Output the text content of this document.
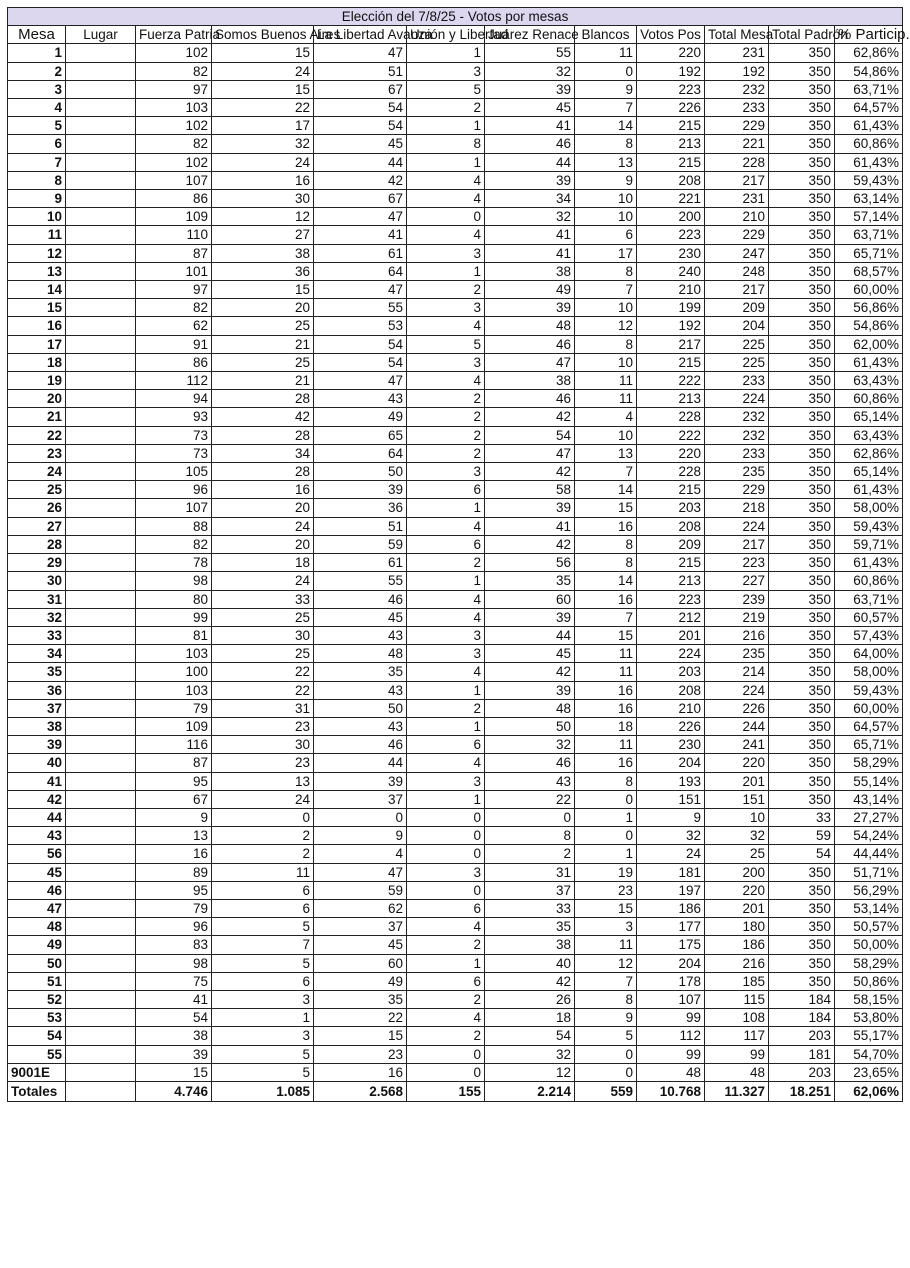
Elección del 7/8/25 - Votos por mesas											
Mesa	Lugar	Fuerza Patria	Somos Buenos Aires	La Libertad Avanza	Unión y Libertad	Juárez Renace	Blancos	Votos Pos	Total Mesa	Total Padrón	% Particip.
1		102	15	47	1	55	11	220	231	350	62,86%
2		82	24	51	3	32	0	192	192	350	54,86%
3		97	15	67	5	39	9	223	232	350	63,71%
4		103	22	54	2	45	7	226	233	350	64,57%
5		102	17	54	1	41	14	215	229	350	61,43%
6		82	32	45	8	46	8	213	221	350	60,86%
7		102	24	44	1	44	13	215	228	350	61,43%
8		107	16	42	4	39	9	208	217	350	59,43%
9		86	30	67	4	34	10	221	231	350	63,14%
10		109	12	47	0	32	10	200	210	350	57,14%
11		110	27	41	4	41	6	223	229	350	63,71%
12		87	38	61	3	41	17	230	247	350	65,71%
13		101	36	64	1	38	8	240	248	350	68,57%
14		97	15	47	2	49	7	210	217	350	60,00%
15		82	20	55	3	39	10	199	209	350	56,86%
16		62	25	53	4	48	12	192	204	350	54,86%
17		91	21	54	5	46	8	217	225	350	62,00%
18		86	25	54	3	47	10	215	225	350	61,43%
19		112	21	47	4	38	11	222	233	350	63,43%
20		94	28	43	2	46	11	213	224	350	60,86%
21		93	42	49	2	42	4	228	232	350	65,14%
22		73	28	65	2	54	10	222	232	350	63,43%
23		73	34	64	2	47	13	220	233	350	62,86%
24		105	28	50	3	42	7	228	235	350	65,14%
25		96	16	39	6	58	14	215	229	350	61,43%
26		107	20	36	1	39	15	203	218	350	58,00%
27		88	24	51	4	41	16	208	224	350	59,43%
28		82	20	59	6	42	8	209	217	350	59,71%
29		78	18	61	2	56	8	215	223	350	61,43%
30		98	24	55	1	35	14	213	227	350	60,86%
31		80	33	46	4	60	16	223	239	350	63,71%
32		99	25	45	4	39	7	212	219	350	60,57%
33		81	30	43	3	44	15	201	216	350	57,43%
34		103	25	48	3	45	11	224	235	350	64,00%
35		100	22	35	4	42	11	203	214	350	58,00%
36		103	22	43	1	39	16	208	224	350	59,43%
37		79	31	50	2	48	16	210	226	350	60,00%
38		109	23	43	1	50	18	226	244	350	64,57%
39		116	30	46	6	32	11	230	241	350	65,71%
40		87	23	44	4	46	16	204	220	350	58,29%
41		95	13	39	3	43	8	193	201	350	55,14%
42		67	24	37	1	22	0	151	151	350	43,14%
44		9	0	0	0	0	1	9	10	33	27,27%
43		13	2	9	0	8	0	32	32	59	54,24%
56		16	2	4	0	2	1	24	25	54	44,44%
45		89	11	47	3	31	19	181	200	350	51,71%
46		95	6	59	0	37	23	197	220	350	56,29%
47		79	6	62	6	33	15	186	201	350	53,14%
48		96	5	37	4	35	3	177	180	350	50,57%
49		83	7	45	2	38	11	175	186	350	50,00%
50		98	5	60	1	40	12	204	216	350	58,29%
51		75	6	49	6	42	7	178	185	350	50,86%
52		41	3	35	2	26	8	107	115	184	58,15%
53		54	1	22	4	18	9	99	108	184	53,80%
54		38	3	15	2	54	5	112	117	203	55,17%
55		39	5	23	0	32	0	99	99	181	54,70%
9001E		15	5	16	0	12	0	48	48	203	23,65%
Totales		4.746	1.085	2.568	155	2.214	559	10.768	11.327	18.251	62,06%
